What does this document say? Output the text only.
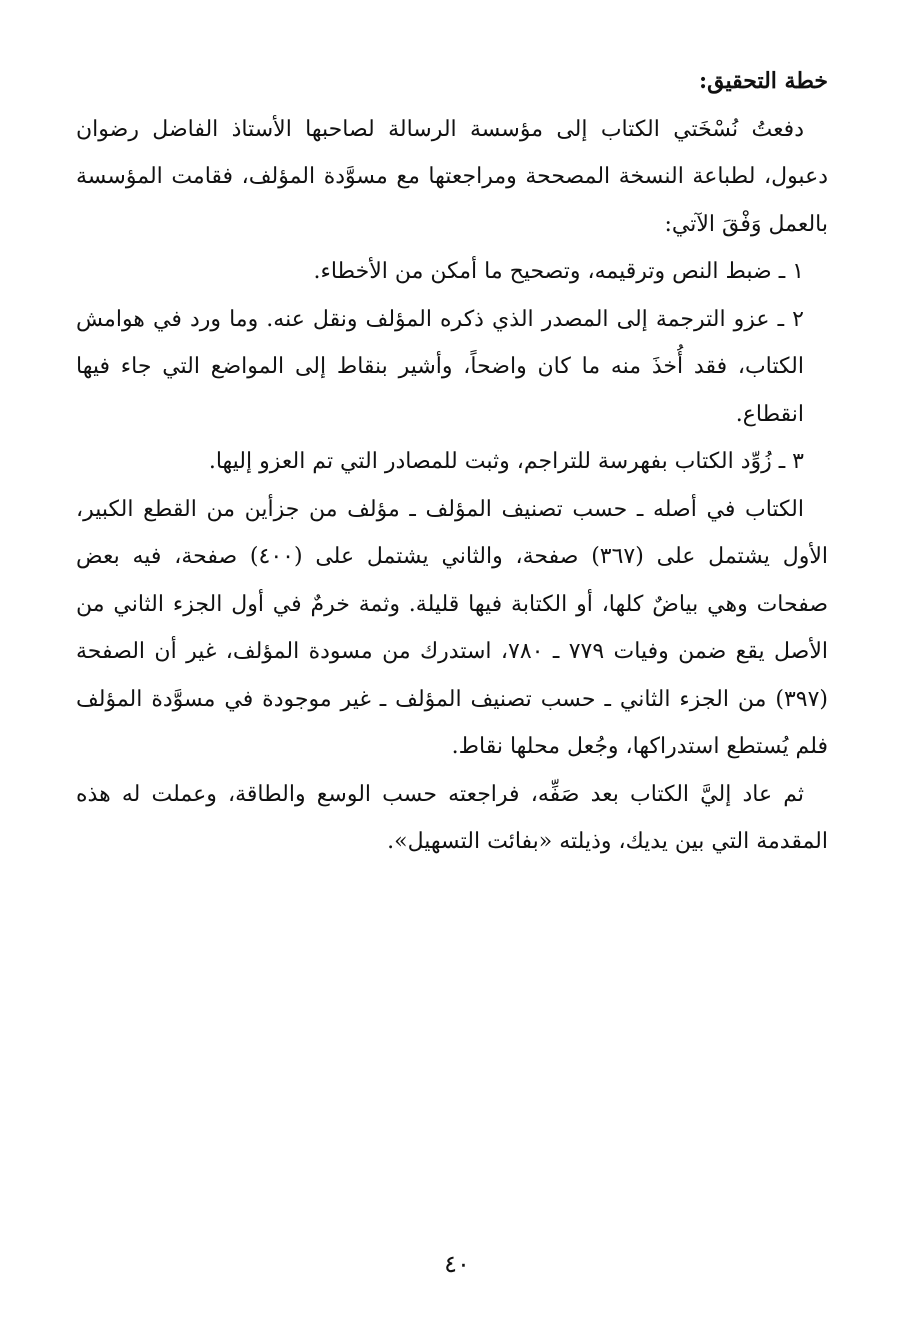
خطة التحقيق:

دفعتُ نُسْخَتي الكتاب إلى مؤسسة الرسالة لصاحبها الأستاذ الفاضل رضوان دعبول، لطباعة النسخة المصححة ومراجعتها مع مسوَّدة المؤلف، فقامت المؤسسة بالعمل وَفْقَ الآتي:

١ ـ ضبط النص وترقيمه، وتصحيح ما أمكن من الأخطاء.

٢ ـ عزو الترجمة إلى المصدر الذي ذكره المؤلف ونقل عنه. وما ورد في هوامش الكتاب، فقد أُخذَ منه ما كان واضحاً، وأشير بنقاط إلى المواضع التي جاء فيها انقطاع.

٣ ـ زُوِّد الكتاب بفهرسة للتراجم، وثبت للمصادر التي تم العزو إليها.

الكتاب في أصله ـ حسب تصنيف المؤلف ـ مؤلف من جزأين من القطع الكبير، الأول يشتمل على (٣٦٧) صفحة، والثاني يشتمل على (٤٠٠) صفحة، فيه بعض صفحات وهي بياضٌ كلها، أو الكتابة فيها قليلة. وثمة خرمٌ في أول الجزء الثاني من الأصل يقع ضمن وفيات ٧٧٩ ـ ٧٨٠، استدرك من مسودة المؤلف، غير أن الصفحة (٣٩٧) من الجزء الثاني ـ حسب تصنيف المؤلف ـ غير موجودة في مسوَّدة المؤلف فلم يُستطع استدراكها، وجُعل محلها نقاط.

ثم عاد إليَّ الكتاب بعد صَفِّه، فراجعته حسب الوسع والطاقة، وعملت له هذه المقدمة التي بين يديك، وذيلته «بفائت التسهيل».

٤٠
